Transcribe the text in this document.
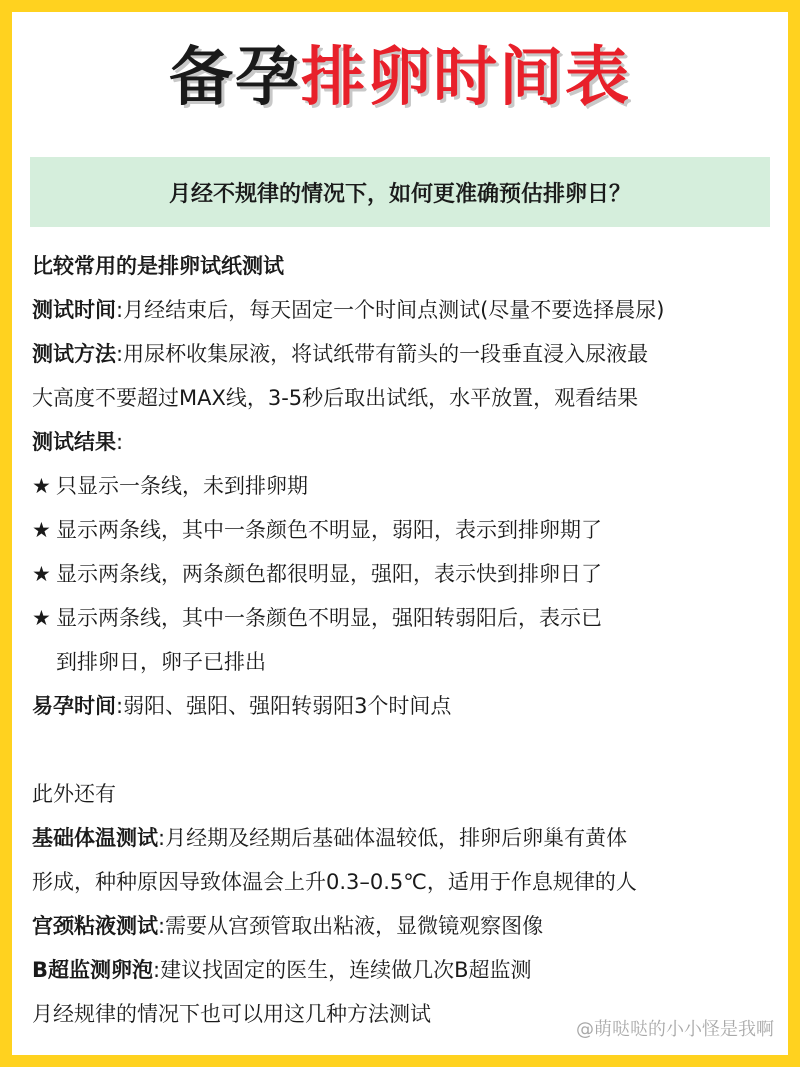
备孕排卵时间表
月经不规律的情况下，如何更准确预估排卵日？
比较常用的是排卵试纸测试
测试时间:月经结束后，每天固定一个时间点测试(尽量不要选择晨尿)
测试方法:用尿杯收集尿液，将试纸带有箭头的一段垂直浸入尿液最
大高度不要超过MAX线，3-5秒后取出试纸，水平放置，观看结果
测试结果:
★ 只显示一条线，未到排卵期
★ 显示两条线，其中一条颜色不明显，弱阳，表示到排卵期了
★ 显示两条线，两条颜色都很明显，强阳，表示快到排卵日了
★ 显示两条线，其中一条颜色不明显，强阳转弱阳后，表示已
到排卵日，卵子已排出
易孕时间:弱阳、强阳、强阳转弱阳3个时间点
此外还有
基础体温测试:月经期及经期后基础体温较低，排卵后卵巢有黄体
形成，种种原因导致体温会上升0.3–0.5℃，适用于作息规律的人
宫颈粘液测试:需要从宫颈管取出粘液，显微镜观察图像
B超监测卵泡:建议找固定的医生，连续做几次B超监测
月经规律的情况下也可以用这几种方法测试
@萌哒哒的小小怪是我啊
